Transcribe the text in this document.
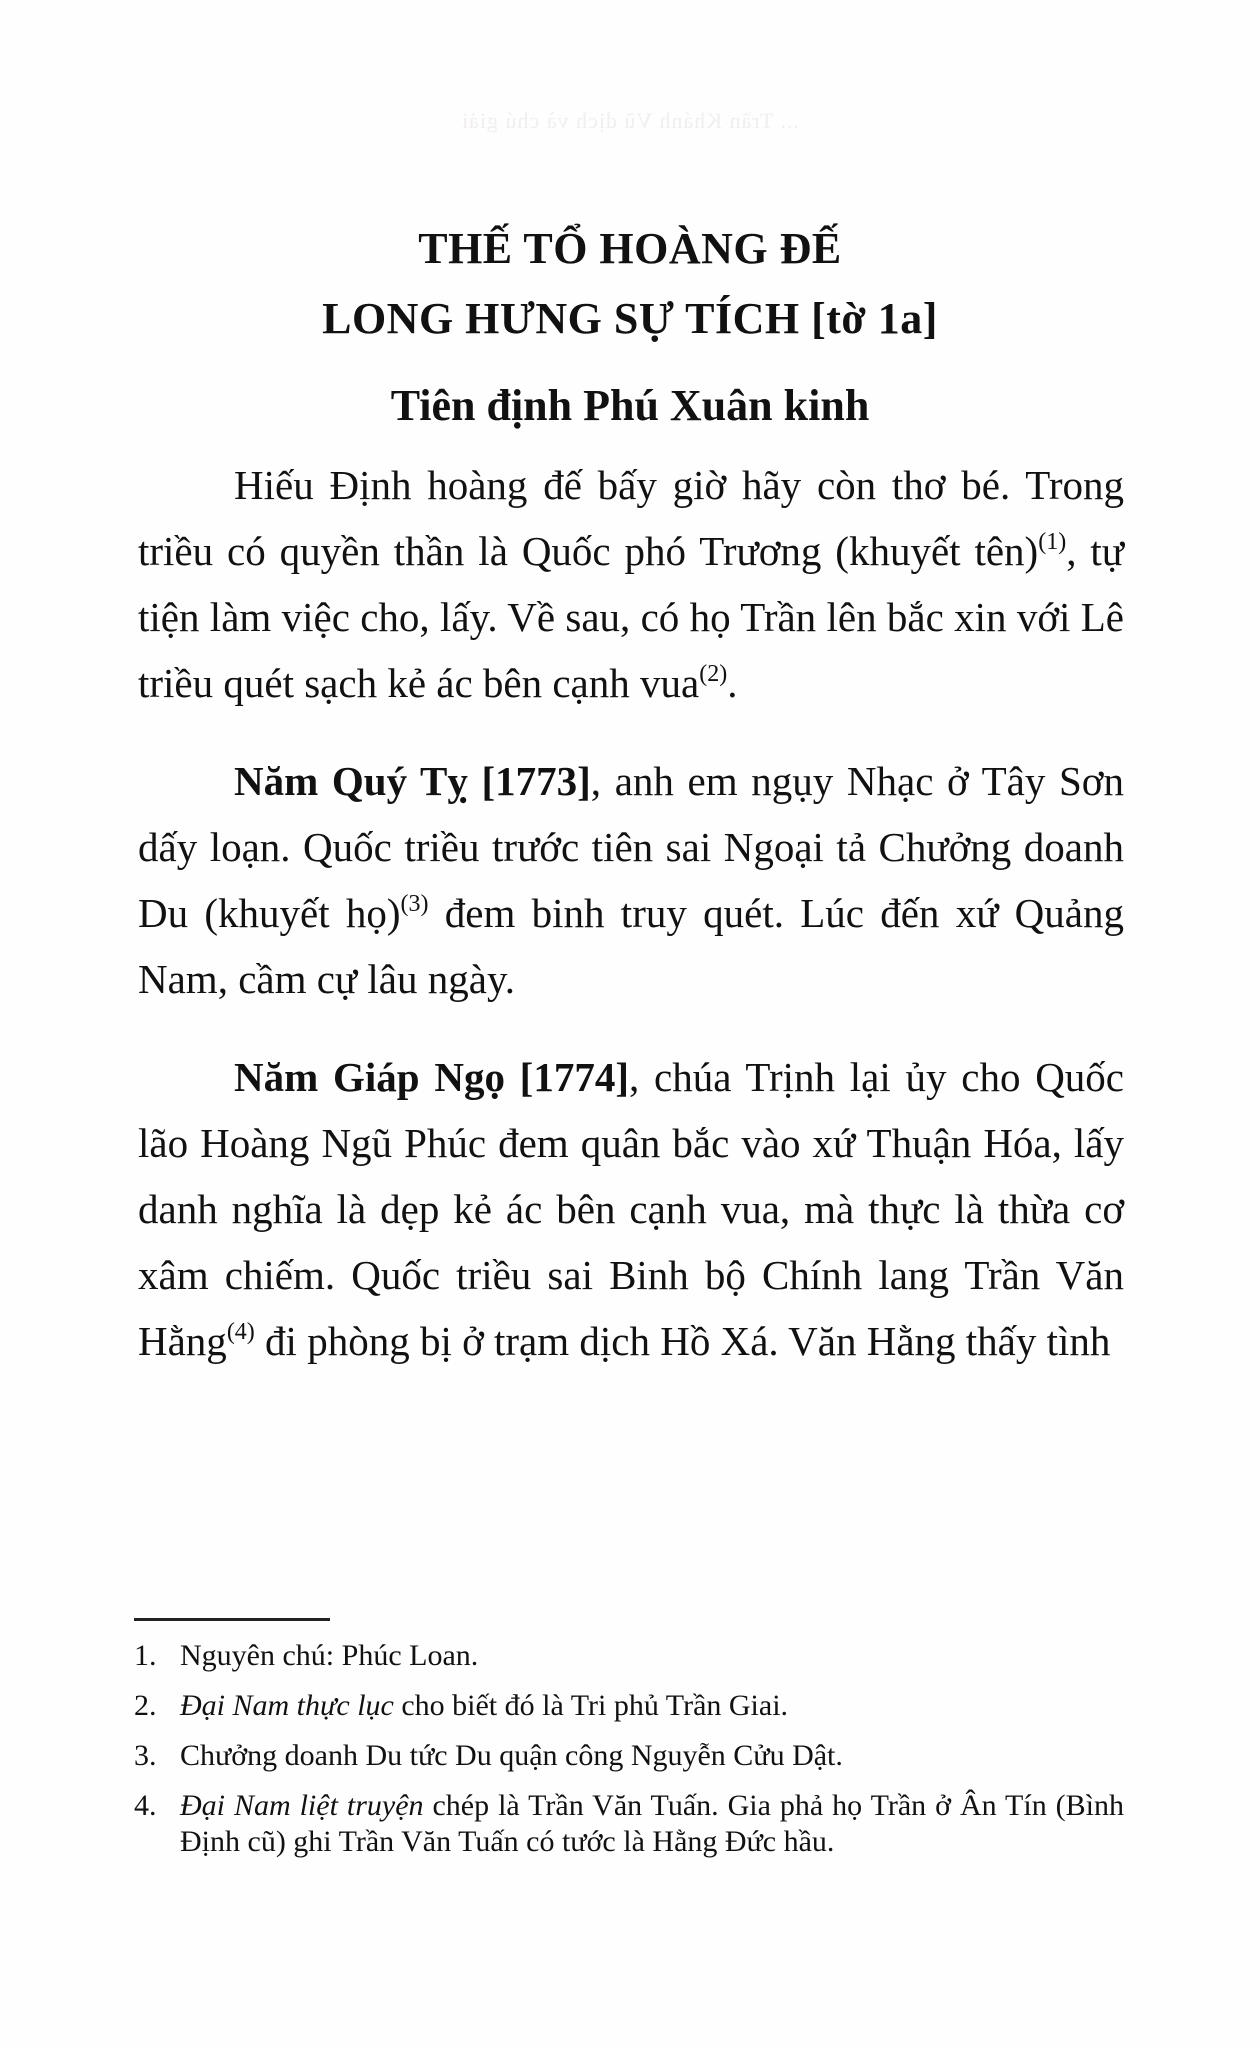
... Trần Khánh Vũ dịch và chú giải
THẾ TỔ HOÀNG ĐẾ
LONG HƯNG SỰ TÍCH [tờ 1a]
Tiên định Phú Xuân kinh

Hiếu Định hoàng đế bấy giờ hãy còn thơ bé. Trong triều có quyền thần là Quốc phó Trương (khuyết tên)$^{(1)}$, tự tiện làm việc cho, lấy. Về sau, có họ Trần lên bắc xin với Lê triều quét sạch kẻ ác bên cạnh vua$^{(2)}$.

Năm Quý Tỵ [1773], anh em ngụy Nhạc ở Tây Sơn dấy loạn. Quốc triều trước tiên sai Ngoại tả Chưởng doanh Du (khuyết họ)$^{(3)}$ đem binh truy quét. Lúc đến xứ Quảng Nam, cầm cự lâu ngày.

Năm Giáp Ngọ [1774], chúa Trịnh lại ủy cho Quốc lão Hoàng Ngũ Phúc đem quân bắc vào xứ Thuận Hóa, lấy danh nghĩa là dẹp kẻ ác bên cạnh vua, mà thực là thừa cơ xâm chiếm. Quốc triều sai Binh bộ Chính lang Trần Văn Hằng$^{(4)}$ đi phòng bị ở trạm dịch Hồ Xá. Văn Hằng thấy tình

1. Nguyên chú: Phúc Loan.
2. Đại Nam thực lục cho biết đó là Tri phủ Trần Giai.
3. Chưởng doanh Du tức Du quận công Nguyễn Cửu Dật.
4. Đại Nam liệt truyện chép là Trần Văn Tuấn. Gia phả họ Trần ở Ân Tín (Bình Định cũ) ghi Trần Văn Tuấn có tước là Hằng Đức hầu.
